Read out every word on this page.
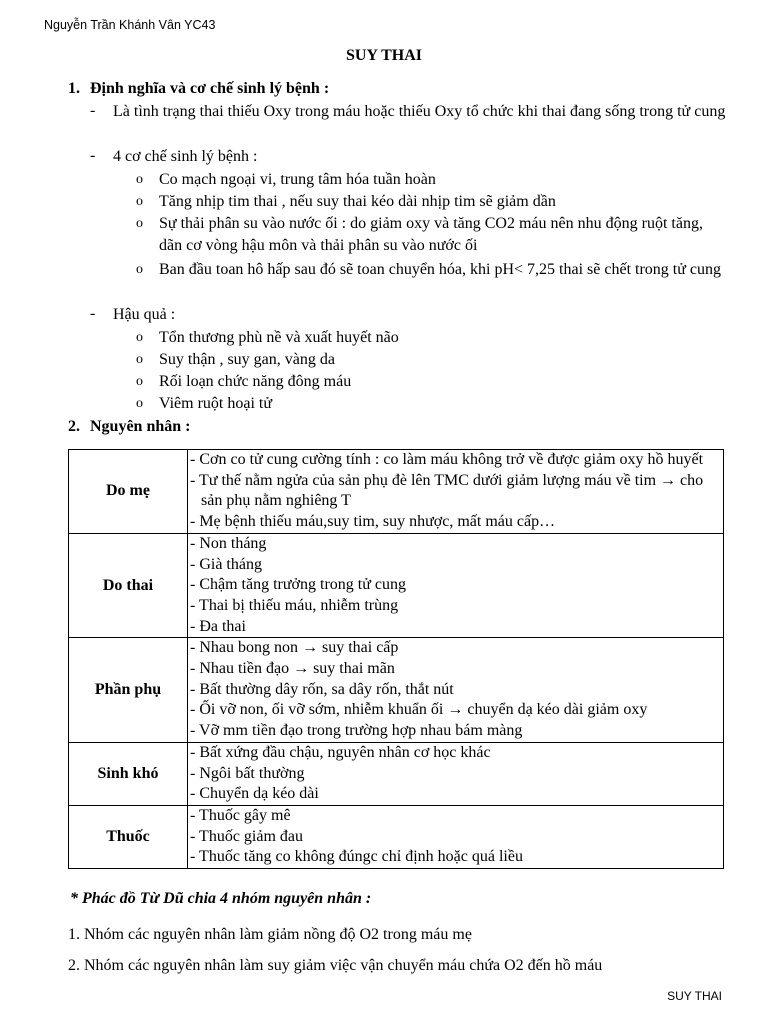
Nguyễn Trần Khánh Vân YC43
SUY THAI
1. Định nghĩa và cơ chế sinh lý bệnh :
- Là tình trạng thai thiếu Oxy trong máu hoặc thiếu Oxy tổ chức khi thai đang sống trong tử cung
- 4 cơ chế sinh lý bệnh :
o Co mạch ngoại vi, trung tâm hóa tuần hoàn
o Tăng nhịp tim thai , nếu suy thai kéo dài nhịp tim sẽ giảm dần
o Sự thải phân su vào nước ối : do giảm oxy và tăng CO2 máu nên nhu động ruột tăng, dãn cơ vòng hậu môn và thải phân su vào nước ối
o Ban đầu toan hô hấp sau đó sẽ toan chuyển hóa, khi pH< 7,25 thai sẽ chết trong tử cung
- Hậu quả :
o Tổn thương phù nề và xuất huyết não
o Suy thận , suy gan, vàng da
o Rối loạn chức năng đông máu
o Viêm ruột hoại tử
2. Nguyên nhân :
Do mẹ	- Cơn co tử cung cường tính : co làm máu không trở về được giảm oxy hồ huyết
- Tư thế nằm ngửa của sản phụ đè lên TMC dưới giảm lượng máu về tim → cho sản phụ nằm nghiêng T
- Mẹ bệnh thiếu máu,suy tim, suy nhược, mất máu cấp…

Do thai	- Non tháng
- Già tháng
- Chậm tăng trưởng trong tử cung
- Thai bị thiếu máu, nhiễm trùng
- Đa thai

Phần phụ	- Nhau bong non → suy thai cấp
- Nhau tiền đạo → suy thai mãn
- Bất thường dây rốn, sa dây rốn, thắt nút
- Ối vỡ non, ối vỡ sớm, nhiễm khuẩn ối → chuyển dạ kéo dài giảm oxy
- Vỡ mm tiền đạo trong trường hợp nhau bám màng

Sinh khó	- Bất xứng đầu chậu, nguyên nhân cơ học khác
- Ngôi bất thường
- Chuyển dạ kéo dài

Thuốc	- Thuốc gây mê
- Thuốc giảm đau
- Thuốc tăng co không đúngc chỉ định hoặc quá liều
* Phác đồ Từ Dũ chia 4 nhóm nguyên nhân :
1. Nhóm các nguyên nhân làm giảm nồng độ O2 trong máu mẹ
2. Nhóm các nguyên nhân làm suy giảm việc vận chuyển máu chứa O2 đến hồ máu
SUY THAI
